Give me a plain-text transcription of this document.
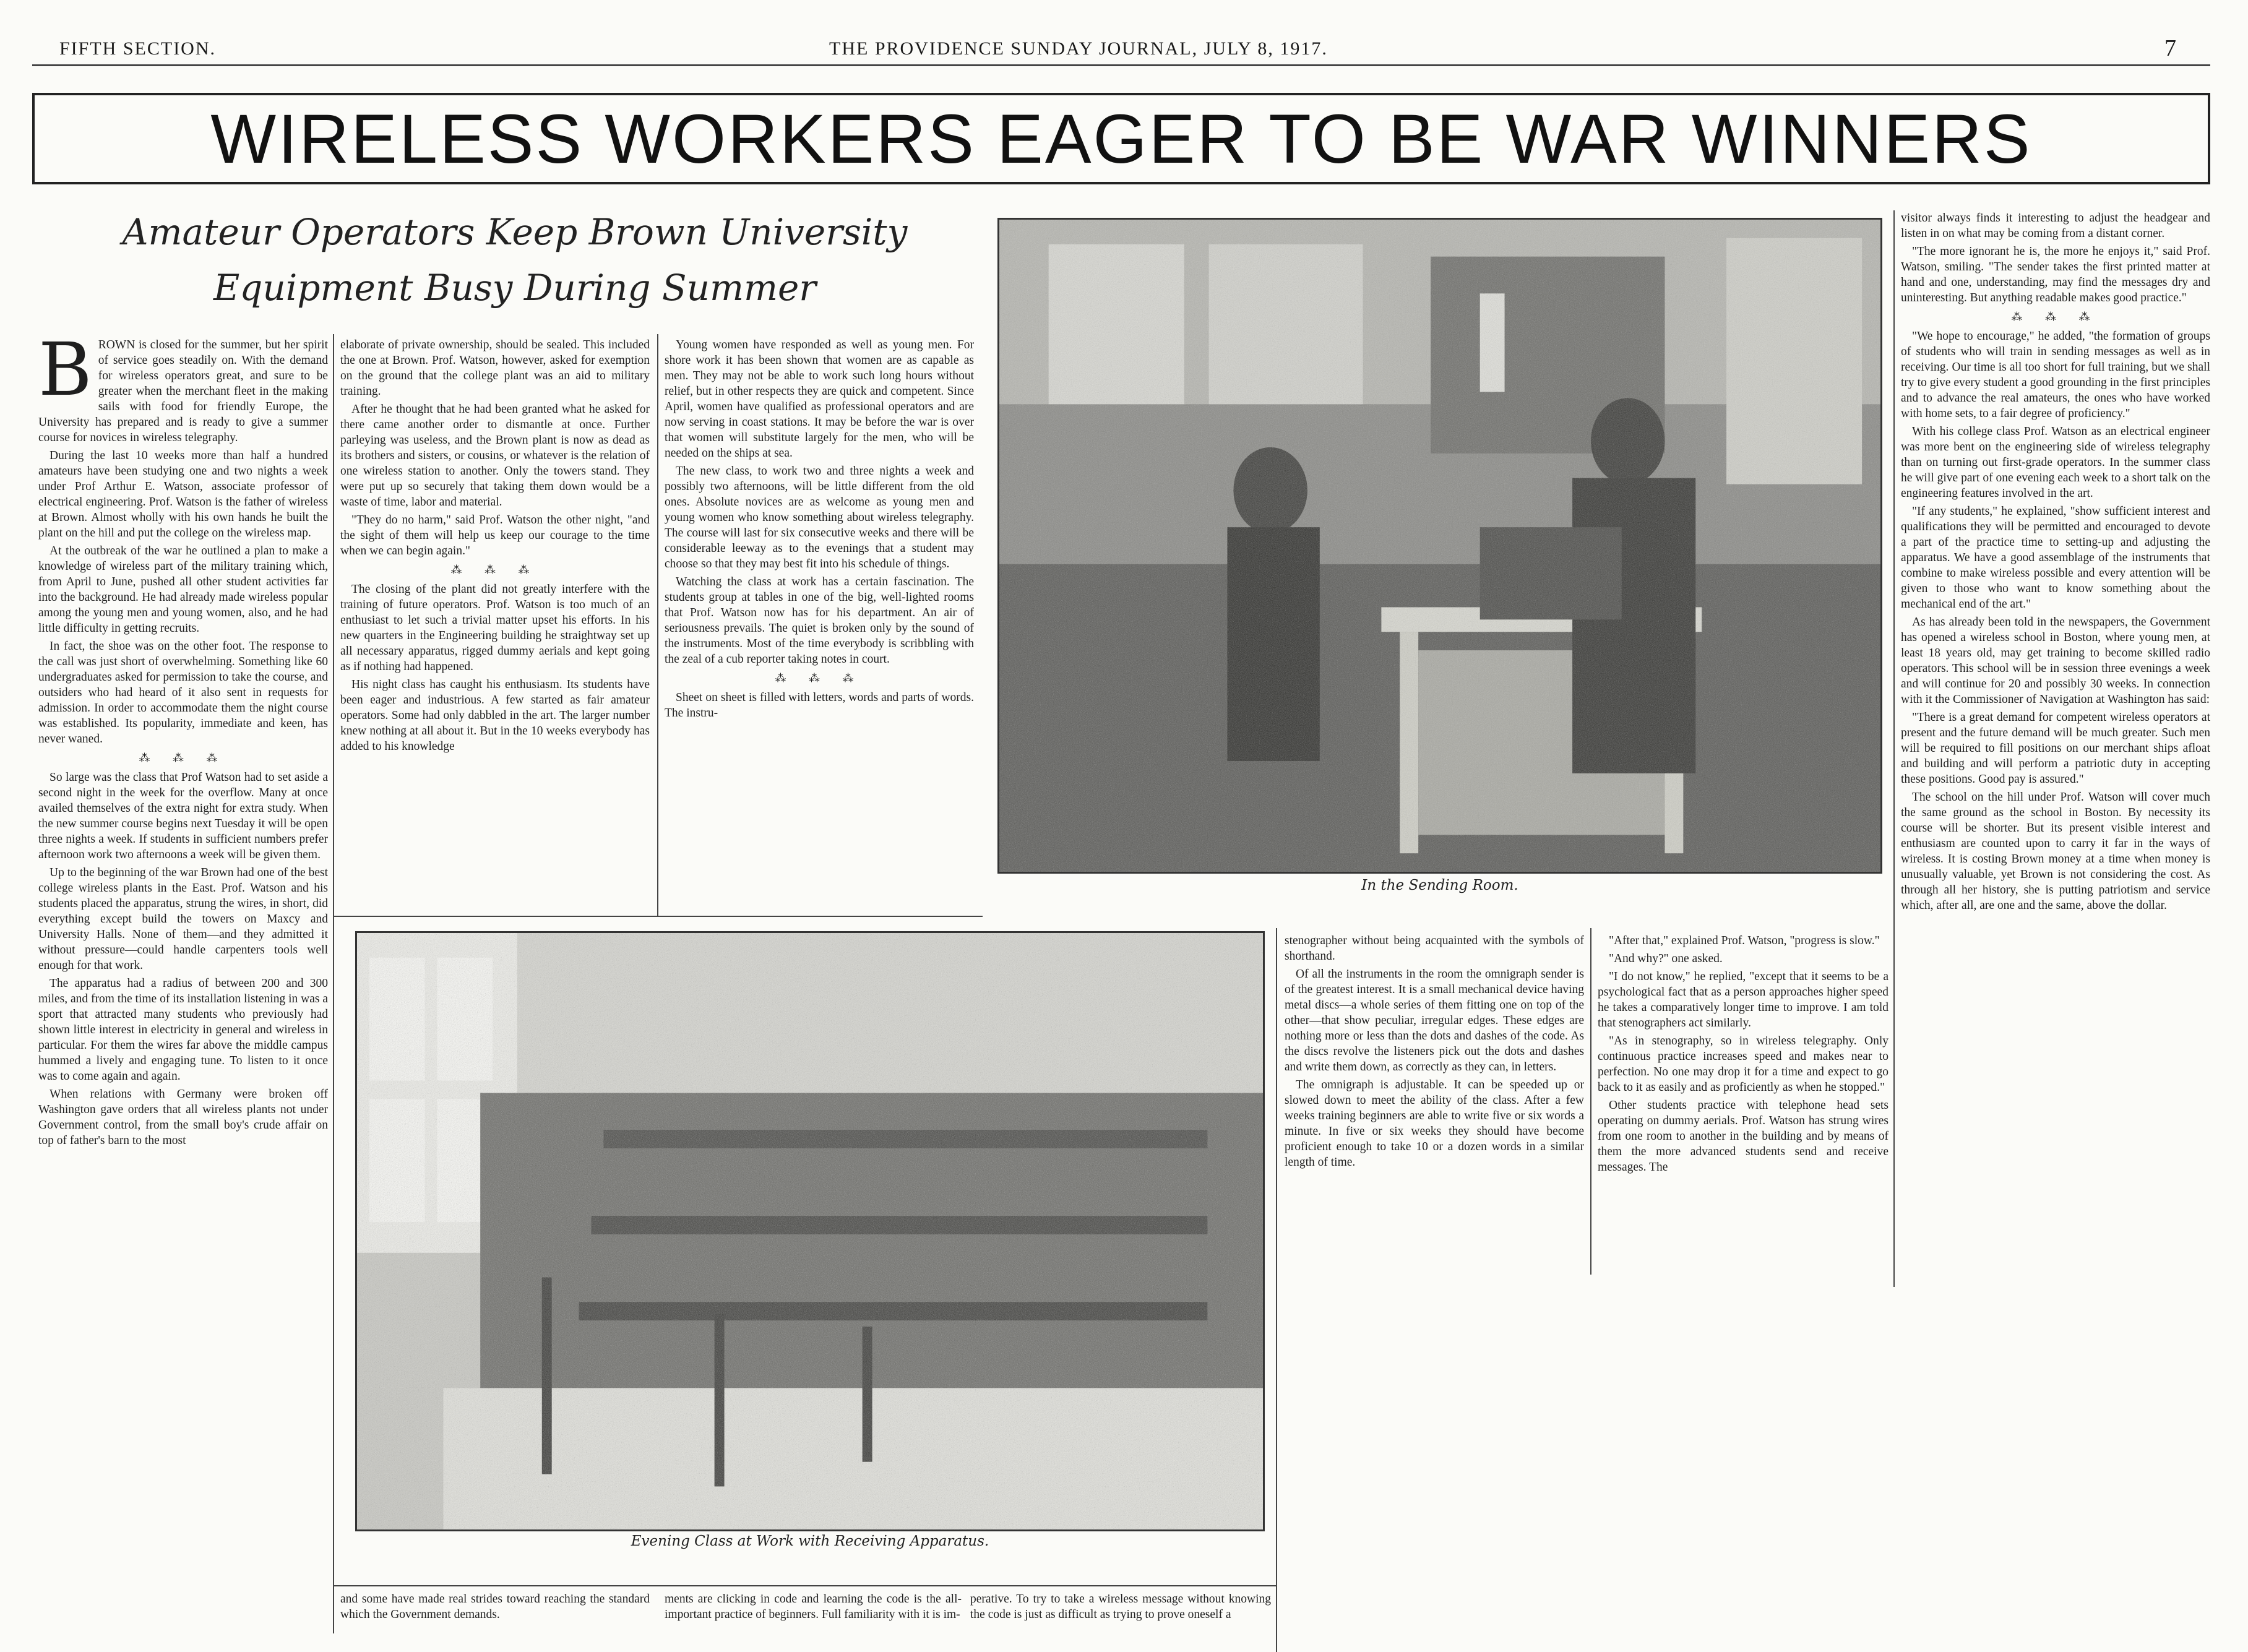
FIFTH SECTION.	THE PROVIDENCE SUNDAY JOURNAL, JULY 8, 1917.	7
WIRELESS WORKERS EAGER TO BE WAR WINNERS
Amateur Operators Keep Brown University
Equipment Busy During Summer

BROWN is closed for the summer, but her spirit of service goes steadily on. With the demand for wireless operators great, and sure to be greater when the merchant fleet in the making sails with food for friendly Europe, the University has prepared and is ready to give a summer course for novices in wireless telegraphy.

During the last 10 weeks more than half a hundred amateurs have been studying one and two nights a week under Prof Arthur E. Watson, associate professor of electrical engineering. Prof. Watson is the father of wireless at Brown. Almost wholly with his own hands he built the plant on the hill and put the college on the wireless map.

At the outbreak of the war he outlined a plan to make a knowledge of wireless part of the military training which, from April to June, pushed all other student activities far into the background. He had already made wireless popular among the young men and young women, also, and he had little difficulty in getting recruits.

In fact, the shoe was on the other foot. The response to the call was just short of overwhelming. Something like 60 undergraduates asked for permission to take the course, and outsiders who had heard of it also sent in requests for admission. In order to accommodate them the night course was established. Its popularity, immediate and keen, has never waned.

⁂ ⁂ ⁂

So large was the class that Prof Watson had to set aside a second night in the week for the overflow. Many at once availed themselves of the extra night for extra study. When the new summer course begins next Tuesday it will be open three nights a week. If students in sufficient numbers prefer afternoon work two afternoons a week will be given them.

Up to the beginning of the war Brown had one of the best college wireless plants in the East. Prof. Watson and his students placed the apparatus, strung the wires, in short, did everything except build the towers on Maxcy and University Halls. None of them—and they admitted it without pressure—could handle carpenters tools well enough for that work.

The apparatus had a radius of between 200 and 300 miles, and from the time of its installation listening in was a sport that attracted many students who previously had shown little interest in electricity in general and wireless in particular. For them the wires far above the middle campus hummed a lively and engaging tune. To listen to it once was to come again and again.

When relations with Germany were broken off Washington gave orders that all wireless plants not under Government control, from the small boy's crude affair on top of father's barn to the most

elaborate of private ownership, should be sealed. This included the one at Brown. Prof. Watson, however, asked for exemption on the ground that the college plant was an aid to military training.

After he thought that he had been granted what he asked for there came another order to dismantle at once. Further parleying was useless, and the Brown plant is now as dead as its brothers and sisters, or cousins, or whatever is the relation of one wireless station to another. Only the towers stand. They were put up so securely that taking them down would be a waste of time, labor and material.

"They do no harm," said Prof. Watson the other night, "and the sight of them will help us keep our courage to the time when we can begin again."

⁂ ⁂ ⁂

The closing of the plant did not greatly interfere with the training of future operators. Prof. Watson is too much of an enthusiast to let such a trivial matter upset his efforts. In his new quarters in the Engineering building he straightway set up all necessary apparatus, rigged dummy aerials and kept going as if nothing had happened.

His night class has caught his enthusiasm. Its students have been eager and industrious. A few started as fair amateur operators. Some had only dabbled in the art. The larger number knew nothing at all about it. But in the 10 weeks everybody has added to his knowledge

Young women have responded as well as young men. For shore work it has been shown that women are as capable as men. They may not be able to work such long hours without relief, but in other respects they are quick and competent. Since April, women have qualified as professional operators and are now serving in coast stations. It may be before the war is over that women will substitute largely for the men, who will be needed on the ships at sea.

The new class, to work two and three nights a week and possibly two afternoons, will be little different from the old ones. Absolute novices are as welcome as young men and young women who know something about wireless telegraphy. The course will last for six consecutive weeks and there will be considerable leeway as to the evenings that a student may choose so that they may best fit into his schedule of things.

Watching the class at work has a certain fascination. The students group at tables in one of the big, well-lighted rooms that Prof. Watson now has for his department. An air of seriousness prevails. The quiet is broken only by the sound of the instruments. Most of the time everybody is scribbling with the zeal of a cub reporter taking notes in court.

⁂ ⁂ ⁂

Sheet on sheet is filled with letters, words and parts of words. The instru-

In the Sending Room.
Evening Class at Work with Receiving Apparatus.

and some have made real strides toward reaching the standard which the Government demands.

ments are clicking in code and learning the code is the all-important practice of beginners. Full familiarity with it is im-

perative. To try to take a wireless message without knowing the code is just as difficult as trying to prove oneself a

stenographer without being acquainted with the symbols of shorthand.

Of all the instruments in the room the omnigraph sender is of the greatest interest. It is a small mechanical device having metal discs—a whole series of them fitting one on top of the other—that show peculiar, irregular edges. These edges are nothing more or less than the dots and dashes of the code. As the discs revolve the listeners pick out the dots and dashes and write them down, as correctly as they can, in letters.

The omnigraph is adjustable. It can be speeded up or slowed down to meet the ability of the class. After a few weeks training beginners are able to write five or six words a minute. In five or six weeks they should have become proficient enough to take 10 or a dozen words in a similar length of time.

"After that," explained Prof. Watson, "progress is slow."

"And why?" one asked.

"I do not know," he replied, "except that it seems to be a psychological fact that as a person approaches higher speed he takes a comparatively longer time to improve. I am told that stenographers act similarly.

"As in stenography, so in wireless telegraphy. Only continuous practice increases speed and makes near to perfection. No one may drop it for a time and expect to go back to it as easily and as proficiently as when he stopped."

Other students practice with telephone head sets operating on dummy aerials. Prof. Watson has strung wires from one room to another in the building and by means of them the more advanced students send and receive messages. The

visitor always finds it interesting to adjust the headgear and listen in on what may be coming from a distant corner.

"The more ignorant he is, the more he enjoys it," said Prof. Watson, smiling. "The sender takes the first printed matter at hand and one, understanding, may find the messages dry and uninteresting. But anything readable makes good practice."

⁂ ⁂ ⁂

"We hope to encourage," he added, "the formation of groups of students who will train in sending messages as well as in receiving. Our time is all too short for full training, but we shall try to give every student a good grounding in the first principles and to advance the real amateurs, the ones who have worked with home sets, to a fair degree of proficiency."

With his college class Prof. Watson as an electrical engineer was more bent on the engineering side of wireless telegraphy than on turning out first-grade operators. In the summer class he will give part of one evening each week to a short talk on the engineering features involved in the art.

"If any students," he explained, "show sufficient interest and qualifications they will be permitted and encouraged to devote a part of the practice time to setting-up and adjusting the apparatus. We have a good assemblage of the instruments that combine to make wireless possible and every attention will be given to those who want to know something about the mechanical end of the art."

As has already been told in the newspapers, the Government has opened a wireless school in Boston, where young men, at least 18 years old, may get training to become skilled radio operators. This school will be in session three evenings a week and will continue for 20 and possibly 30 weeks. In connection with it the Commissioner of Navigation at Washington has said:

"There is a great demand for competent wireless operators at present and the future demand will be much greater. Such men will be required to fill positions on our merchant ships afloat and building and will perform a patriotic duty in accepting these positions. Good pay is assured."

The school on the hill under Prof. Watson will cover much the same ground as the school in Boston. By necessity its course will be shorter. But its present visible interest and enthusiasm are counted upon to carry it far in the ways of wireless. It is costing Brown money at a time when money is unusually valuable, yet Brown is not considering the cost. As through all her history, she is putting patriotism and service which, after all, are one and the same, above the dollar.
